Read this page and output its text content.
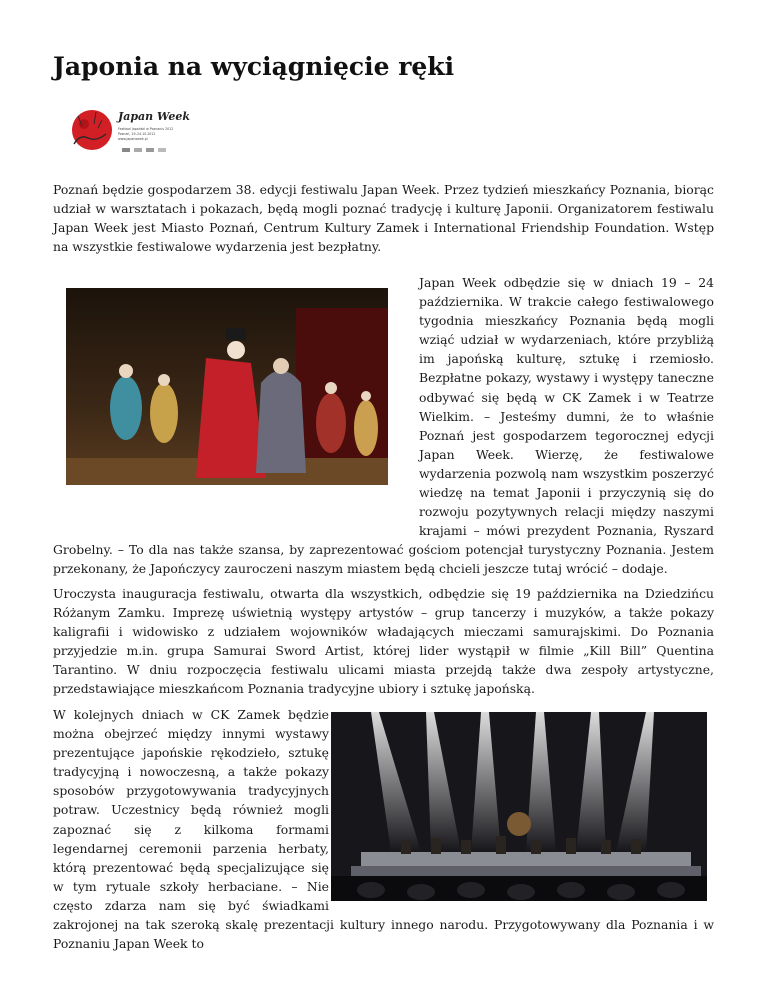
Japonia na wyciągnięcie ręki
Japan Week
Festiwal Japoński w Poznaniu 2012
Poznań, 19–24.10.2012
www.japanweek.pl

Poznań będzie gospodarzem 38. edycji festiwalu Japan Week. Przez tydzień mieszkańcy Poznania, biorąc udział w warsztatach i pokazach, będą mogli poznać tradycję i kulturę Japonii. Organizatorem festiwalu Japan Week jest Miasto Poznań, Centrum Kultury Zamek i International Friendship Foundation. Wstęp na wszystkie festiwalowe wydarzenia jest bezpłatny.

Japan Week odbędzie się w dniach 19 – 24 października. W trakcie całego festiwalowego tygodnia mieszkańcy Poznania będą mogli wziąć udział w wydarzeniach, które przybliżą im japońską kulturę, sztukę i rzemiosło. Bezpłatne pokazy, wystawy i występy taneczne odbywać się będą w CK Zamek i w Teatrze Wielkim. – Jesteśmy dumni, że to właśnie Poznań jest gospodarzem tegorocznej edycji Japan Week. Wierzę, że festiwalowe wydarzenia pozwolą nam wszystkim poszerzyć wiedzę na temat Japonii i przyczynią się do rozwoju pozytywnych relacji między naszymi krajami – mówi prezydent Poznania, Ryszard Grobelny. – To dla nas także szansa, by zaprezentować gościom potencjał turystyczny Poznania. Jestem przekonany, że Japończycy zauroczeni naszym miastem będą chcieli jeszcze tutaj wrócić – dodaje.

Uroczysta inauguracja festiwalu, otwarta dla wszystkich, odbędzie się 19 października na Dziedzińcu Różanym Zamku. Imprezę uświetnią występy artystów – grup tancerzy i muzyków, a także pokazy kaligrafii i widowisko z udziałem wojowników władających mieczami samurajskimi. Do Poznania przyjedzie m.in. grupa Samurai Sword Artist, której lider wystąpił w filmie „Kill Bill” Quentina Tarantino. W dniu rozpoczęcia festiwalu ulicami miasta przejdą także dwa zespoły artystyczne, przedstawiające mieszkańcom Poznania tradycyjne ubiory i sztukę japońską.

W kolejnych dniach w CK Zamek będzie można obejrzeć między innymi wystawy prezentujące japońskie rękodzieło, sztukę tradycyjną i nowoczesną, a także pokazy sposobów przygotowywania tradycyjnych potraw. Uczestnicy będą również mogli zapoznać się z kilkoma formami legendarnej ceremonii parzenia herbaty, którą prezentować będą specjalizujące się w tym rytuale szkoły herbaciane. – Nie często zdarza nam się być świadkami zakrojonej na tak szeroką skalę prezentacji kultury innego narodu. Przygotowywany dla Poznania i w Poznaniu Japan Week to
